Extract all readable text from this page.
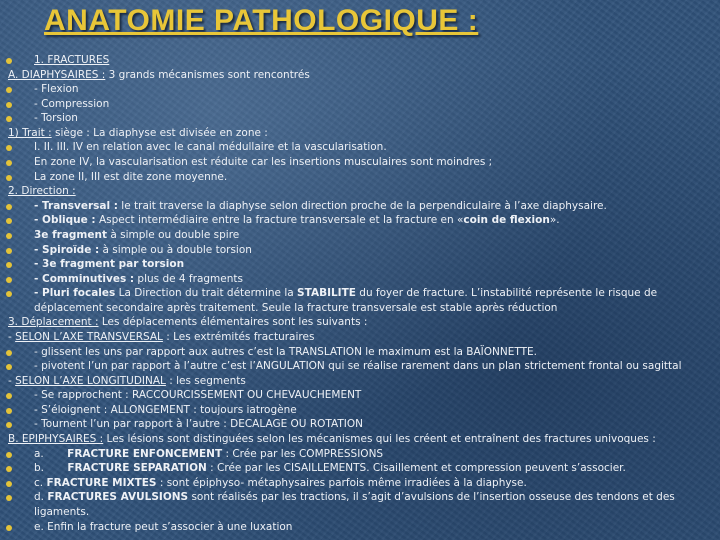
ANATOMIE PATHOLOGIQUE :
1. FRACTURES
A. DIAPHYSAIRES : 3 grands mécanismes sont rencontrés
- Flexion
- Compression
- Torsion
1) Trait : siège : La diaphyse est divisée en zone :
I. II. III. IV en relation avec le canal médullaire et la vascularisation.
En zone IV, la vascularisation est réduite car les insertions musculaires sont moindres ;
La zone II, III est dite zone moyenne.
2. Direction :
- Transversal : le trait traverse la diaphyse selon direction proche de la perpendiculaire à l’axe diaphysaire.
- Oblique : Aspect intermédiaire entre la fracture transversale et la fracture en «coin de flexion».
3e fragment à simple ou double spire
- Spiroïde : à simple ou à double torsion
- 3e fragment par torsion
- Comminutives : plus de 4 fragments
- Pluri focales La Direction du trait détermine la STABILITE du foyer de fracture. L’instabilité représente le risque de
déplacement secondaire après traitement. Seule la fracture transversale est stable après réduction
3. Déplacement : Les déplacements élémentaires sont les suivants :
- SELON L’AXE TRANSVERSAL : Les extrémités fracturaires
- glissent les uns par rapport aux autres c’est la TRANSLATION le maximum est la BAÏONNETTE.
- pivotent l’un par rapport à l’autre c’est l’ANGULATION qui se réalise rarement dans un plan strictement frontal ou sagittal
- SELON L’AXE LONGITUDINAL : les segments
- Se rapprochent : RACCOURCISSEMENT OU CHEVAUCHEMENT
- S’éloignent : ALLONGEMENT : toujours iatrogène
- Tournent l’un par rapport à l’autre : DECALAGE OU ROTATION
B. EPIPHYSAIRES : Les lésions sont distinguées selon les mécanismes qui les créent et entraînent des fractures univoques :
a.       FRACTURE ENFONCEMENT : Crée par les COMPRESSIONS
b.       FRACTURE SEPARATION : Crée par les CISAILLEMENTS. Cisaillement et compression peuvent s’associer.
c. FRACTURE MIXTES : sont épiphyso- métaphysaires parfois même irradiées à la diaphyse.
d. FRACTURES AVULSIONS sont réalisés par les tractions, il s’agit d’avulsions de l’insertion osseuse des tendons et des
ligaments.
e. Enfin la fracture peut s’associer à une luxation
